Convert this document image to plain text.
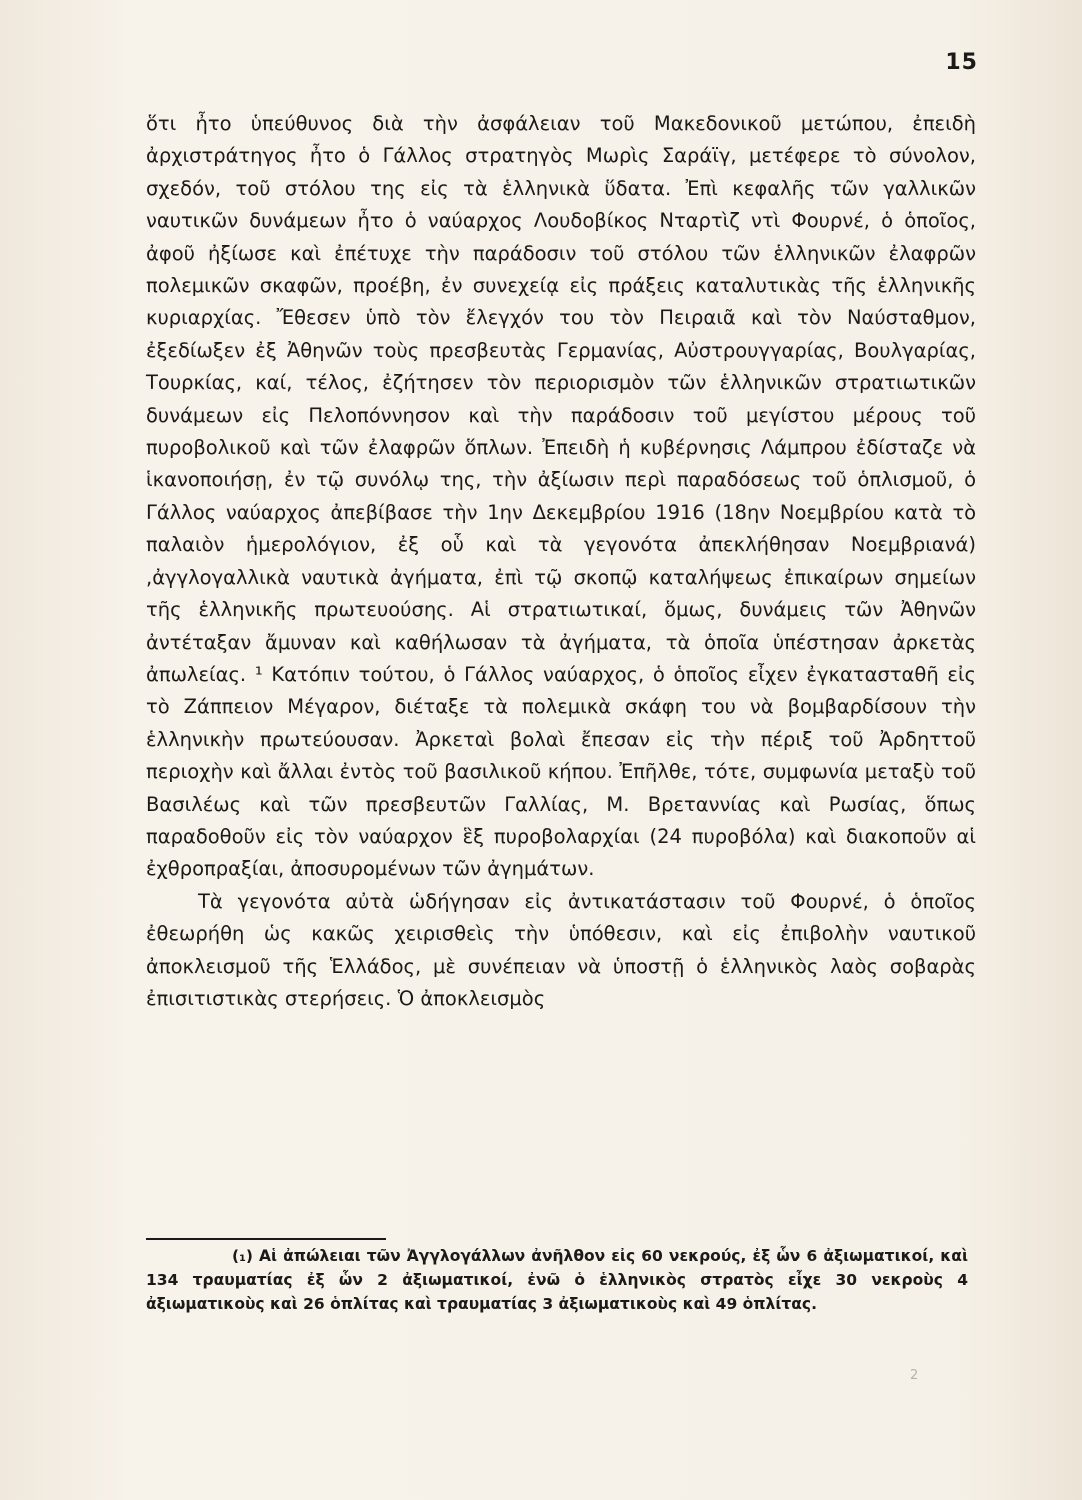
15

ὅτι ἦτο ὑπεύθυνος διὰ τὴν ἀσφάλειαν τοῦ Μακεδονικοῦ μετώπου, ἐπειδὴ ἀρχιστράτηγος ἦτο ὁ Γάλλος στρατηγὸς Μωρὶς Σαράϊγ, μετέφερε τὸ σύνολον, σχεδόν, τοῦ στόλου της εἰς τὰ ἑλληνικὰ ὕδατα. Ἐπὶ κεφαλῆς τῶν γαλλικῶν ναυτικῶν δυνάμεων ἦτο ὁ ναύαρχος Λουδοβίκος Νταρτὶζ ντὶ Φουρνέ, ὁ ὁποῖος, ἀφοῦ ἠξίωσε καὶ ἐπέτυχε τὴν παράδοσιν τοῦ στόλου τῶν ἑλληνικῶν ἐλαφρῶν πολεμικῶν σκαφῶν, προέβη, ἐν συνεχείᾳ εἰς πράξεις καταλυτικὰς τῆς ἑλληνικῆς κυριαρχίας. Ἔθεσεν ὑπὸ τὸν ἔλεγχόν του τὸν Πειραιᾶ καὶ τὸν Ναύσταθμον, ἐξεδίωξεν ἐξ Ἀθηνῶν τοὺς πρεσβευτὰς Γερμανίας, Αὐστρουγγαρίας, Βουλγαρίας, Τουρκίας, καί, τέλος, ἐζήτησεν τὸν περιορισμὸν τῶν ἑλληνικῶν στρατιωτικῶν δυνάμεων εἰς Πελοπόννησον καὶ τὴν παράδοσιν τοῦ μεγίστου μέρους τοῦ πυροβολικοῦ καὶ τῶν ἐλαφρῶν ὅπλων. Ἐπειδὴ ἡ κυβέρνησις Λάμπρου ἐδίσταζε νὰ ἱκανοποιήσῃ, ἐν τῷ συνόλῳ της, τὴν ἀξίωσιν περὶ παραδόσεως τοῦ ὁπλισμοῦ, ὁ Γάλλος ναύαρχος ἀπεβίβασε τὴν 1ην Δεκεμβρίου 1916 (18ην Νοεμβρίου κατὰ τὸ παλαιὸν ἡμερολόγιον, ἐξ οὗ καὶ τὰ γεγονότα ἀπεκλήθησαν Νοεμβριανά) ,ἀγγλογαλλικὰ ναυτικὰ ἀγήματα, ἐπὶ τῷ σκοπῷ καταλήψεως ἐπικαίρων σημείων τῆς ἑλληνικῆς πρωτευούσης. Αἱ στρατιωτικαί, ὅμως, δυνάμεις τῶν Ἀθηνῶν ἀντέταξαν ἄμυναν καὶ καθήλωσαν τὰ ἀγήματα, τὰ ὁποῖα ὑπέστησαν ἀρκετὰς ἀπωλείας. ¹ Κατόπιν τούτου, ὁ Γάλλος ναύαρχος, ὁ ὁποῖος εἶχεν ἐγκατασταθῆ εἰς τὸ Ζάππειον Μέγαρον, διέταξε τὰ πολεμικὰ σκάφη του νὰ βομβαρδίσουν τὴν ἑλληνικὴν πρωτεύουσαν. Ἀρκεταὶ βολαὶ ἔπεσαν εἰς τὴν πέριξ τοῦ Ἀρδηττοῦ περιοχὴν καὶ ἄλλαι ἐντὸς τοῦ βασιλικοῦ κήπου. Ἐπῆλθε, τότε, συμφωνία μεταξὺ τοῦ Βασιλέως καὶ τῶν πρεσβευτῶν Γαλλίας, Μ. Βρεταννίας καὶ Ρωσίας, ὅπως παραδοθοῦν εἰς τὸν ναύαρχον ἓξ πυροβολαρχίαι (24 πυροβόλα) καὶ διακοποῦν αἱ ἐχθροπραξίαι, ἀποσυρομένων τῶν ἀγημάτων.

Τὰ γεγονότα αὐτὰ ὡδήγησαν εἰς ἀντικατάστασιν τοῦ Φουρνέ, ὁ ὁποῖος ἐθεωρήθη ὡς κακῶς χειρισθεὶς τὴν ὑπόθεσιν, καὶ εἰς ἐπιβολὴν ναυτικοῦ ἀποκλεισμοῦ τῆς Ἑλλάδος, μὲ συνέπειαν νὰ ὑποστῇ ὁ ἑλληνικὸς λαὸς σοβαρὰς ἐπισιτιστικὰς στερήσεις. Ὁ ἀποκλεισμὸς

(₁) Αἱ ἀπώλειαι τῶν Ἀγγλογάλλων ἀνῆλθον εἰς 60 νεκρούς, ἐξ ὧν 6 ἀξιωματικοί, καὶ 134 τραυματίας ἐξ ὧν 2 ἀξιωματικοί, ἐνῶ ὁ ἑλληνικὸς στρατὸς εἶχε 30 νεκροὺς 4 ἀξιωματικοὺς καὶ 26 ὁπλίτας καὶ τραυματίας 3 ἀξιωματικοὺς καὶ 49 ὁπλίτας.
2
